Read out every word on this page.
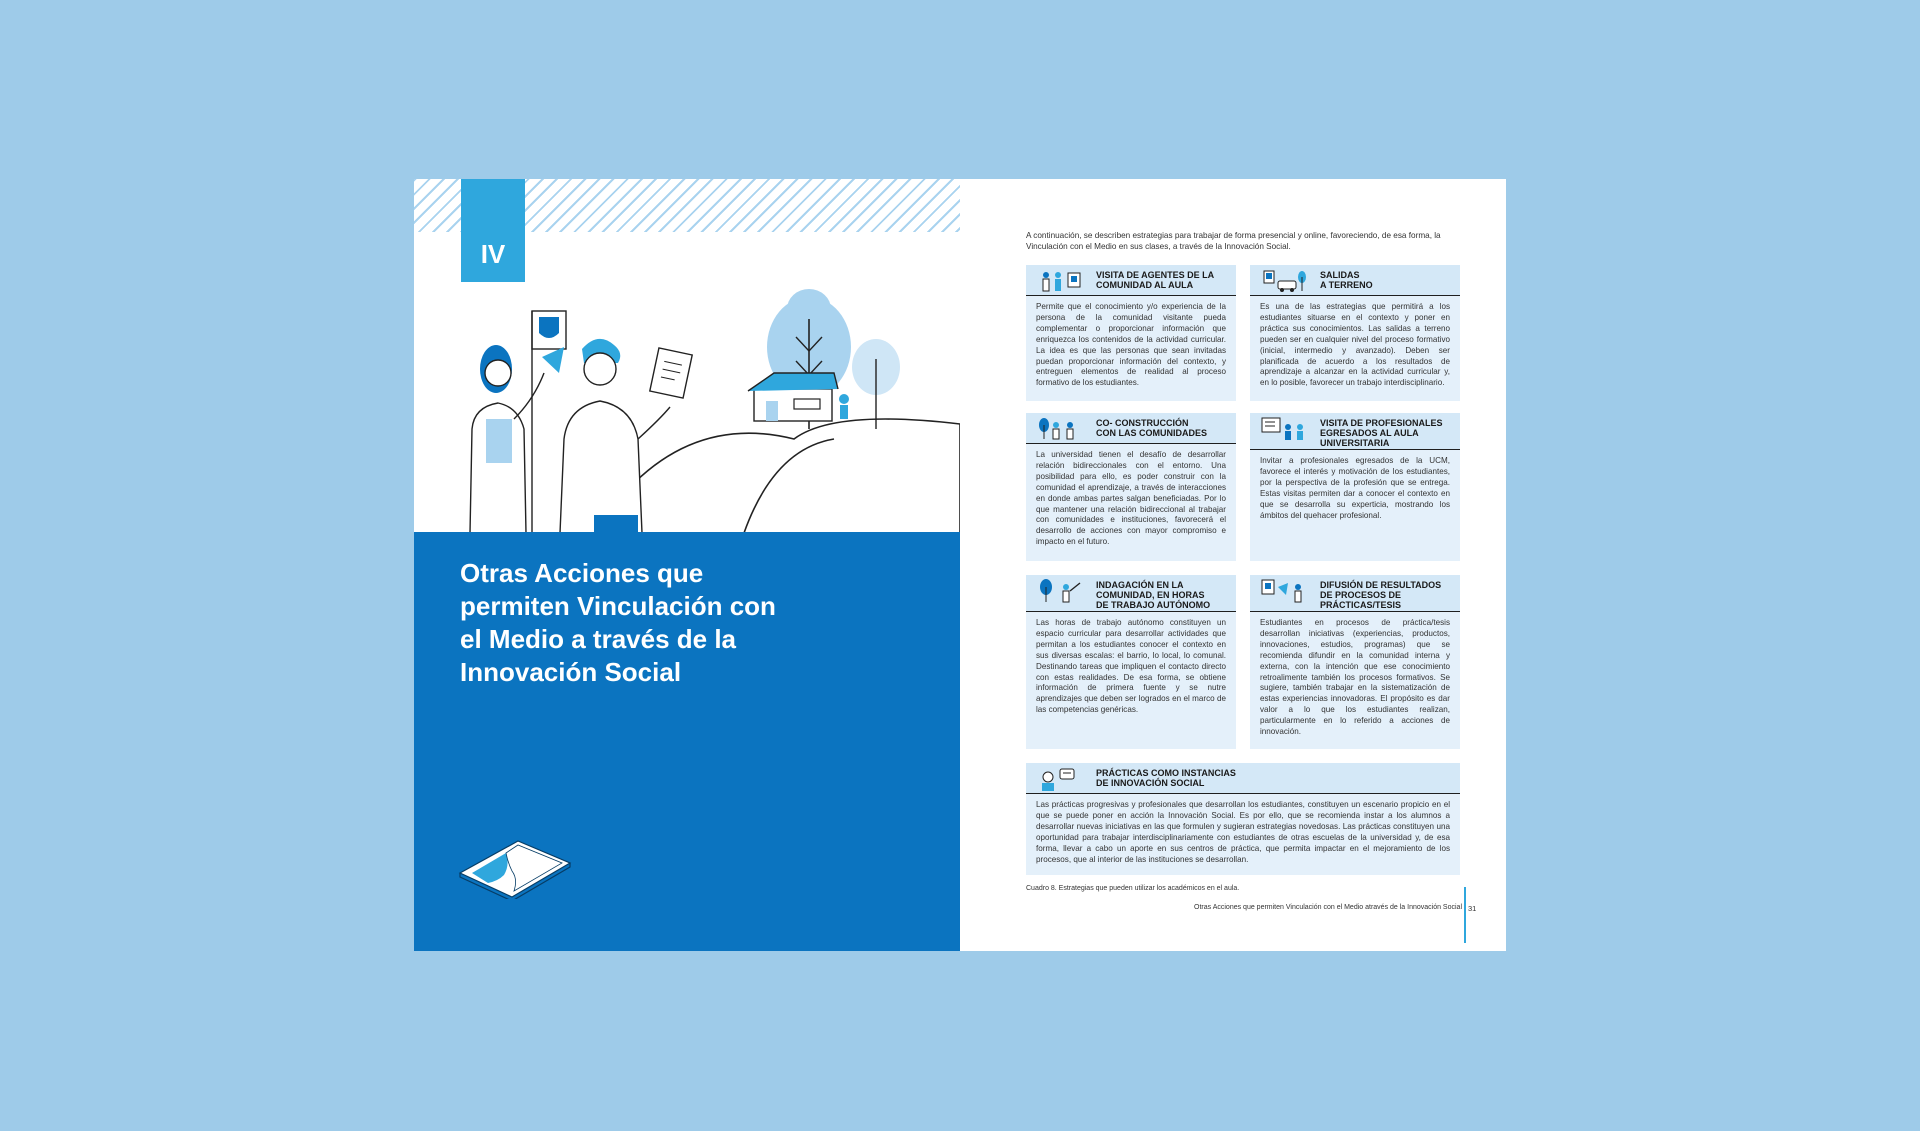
IV
Otras Acciones que
permiten Vinculación con
el Medio a través de la
Innovación Social

A continuación, se describen estrategias para trabajar de forma presencial y online, favoreciendo, de esa forma, la Vinculación con el Medio en sus clases, a través de la Innovación Social.

VISITA DE AGENTES DE LA
COMUNIDAD AL AULA
Permite que el conocimiento y/o experiencia de la persona de la comunidad visitante pueda complementar o proporcionar información que enriquezca los contenidos de la actividad curricular. La idea es que las personas que sean invitadas puedan proporcionar información del contexto, y entreguen elementos de realidad al proceso formativo de los estudiantes.
SALIDAS
A TERRENO
Es una de las estrategias que permitirá a los estudiantes situarse en el contexto y poner en práctica sus conocimientos. Las salidas a terreno pueden ser en cualquier nivel del proceso formativo (inicial, intermedio y avanzado). Deben ser planificada de acuerdo a los resultados de aprendizaje a alcanzar en la actividad curricular y, en lo posible, favorecer un trabajo interdisciplinario.
CO- CONSTRUCCIÓN
CON LAS COMUNIDADES
La universidad tienen el desafío de desarrollar relación bidireccionales con el entorno. Una posibilidad para ello, es poder construir con la comunidad el aprendizaje, a través de interacciones en donde ambas partes salgan beneficiadas. Por lo que mantener una relación bidireccional al trabajar con comunidades e instituciones, favorecerá el desarrollo de acciones con mayor compromiso e impacto en el futuro.
VISITA DE PROFESIONALES
EGRESADOS AL AULA
UNIVERSITARIA
Invitar a profesionales egresados de la UCM, favorece el interés y motivación de los estudiantes, por la perspectiva de la profesión que se entrega. Estas visitas permiten dar a conocer el contexto en que se desarrolla su experticia, mostrando los ámbitos del quehacer profesional.
INDAGACIÓN EN LA
COMUNIDAD, EN HORAS
DE TRABAJO AUTÓNOMO
Las horas de trabajo autónomo constituyen un espacio curricular para desarrollar actividades que permitan a los estudiantes conocer el contexto en sus diversas escalas: el barrio, lo local, lo comunal. Destinando tareas que impliquen el contacto directo con estas realidades. De esa forma, se obtiene información de primera fuente y se nutre aprendizajes que deben ser logrados en el marco de las competencias genéricas.
DIFUSIÓN DE RESULTADOS
DE PROCESOS DE
PRÁCTICAS/TESIS
Estudiantes en procesos de práctica/tesis desarrollan iniciativas (experiencias, productos, innovaciones, estudios, programas) que se recomienda difundir en la comunidad interna y externa, con la intención que ese conocimiento retroalimente también los procesos formativos. Se sugiere, también trabajar en la sistematización de estas experiencias innovadoras. El propósito es dar valor a lo que los estudiantes realizan, particularmente en lo referido a acciones de innovación.
PRÁCTICAS COMO INSTANCIAS
DE INNOVACIÓN SOCIAL
Las prácticas progresivas y profesionales que desarrollan los estudiantes, constituyen un escenario propicio en el que se puede poner en acción la Innovación Social. Es por ello, que se recomienda instar a los alumnos a desarrollar nuevas iniciativas en las que formulen y sugieran estrategias novedosas. Las prácticas constituyen una oportunidad para trabajar interdisciplinariamente con estudiantes de otras escuelas de la universidad y, de esa forma, llevar a cabo un aporte en sus centros de práctica, que permita impactar en el mejoramiento de los procesos, que al interior de las instituciones se desarrollan.

Cuadro 8. Estrategias que pueden utilizar los académicos en el aula.

Otras Acciones que permiten Vinculación con el Medio através de la Innovación Social 31
